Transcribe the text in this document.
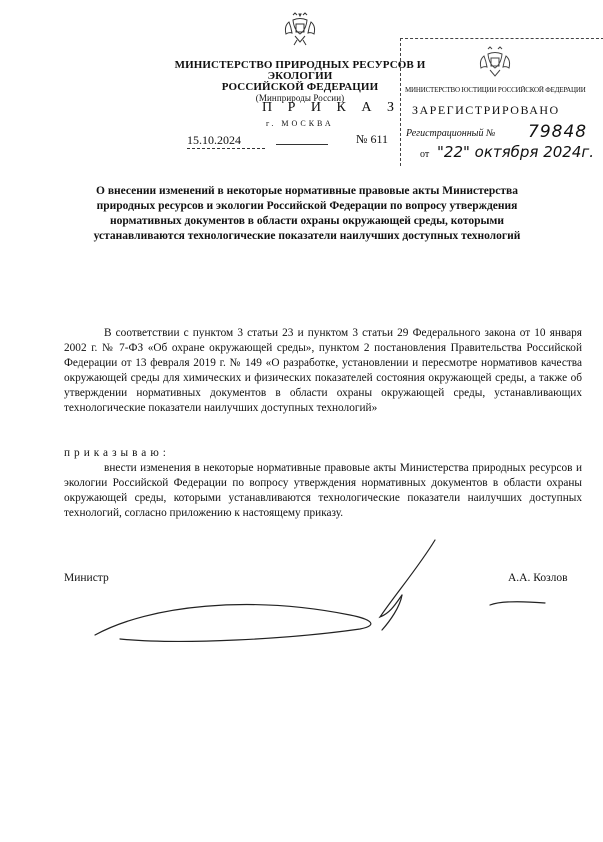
МИНИСТЕРСТВО ПРИРОДНЫХ РЕСУРСОВ И ЭКОЛОГИИ
РОССИЙСКОЙ ФЕДЕРАЦИИ
(Минприроды России)
П Р И К А З
г. МОСКВА
15.10.2024	№ 611
МИНИСТЕРСТВО ЮСТИЦИИ РОССИЙСКОЙ ФЕДЕРАЦИИ
ЗАРЕГИСТРИРОВАНО
Регистрационный № 79848
от "22" октября 2024г.
О внесении изменений в некоторые нормативные правовые акты Министерства природных ресурсов и экологии Российской Федерации по вопросу утверждения нормативных документов в области охраны окружающей среды, которыми устанавливаются технологические показатели наилучших доступных технологий
В соответствии с пунктом 3 статьи 23 и пунктом 3 статьи 29 Федерального закона от 10 января 2002 г. № 7-ФЗ «Об охране окружающей среды», пунктом 2 постановления Правительства Российской Федерации от 13 февраля 2019 г. № 149 «О разработке, установлении и пересмотре нормативов качества окружающей среды для химических и физических показателей состояния окружающей среды, а также об утверждении нормативных документов в области охраны окружающей среды, устанавливающих технологические показатели наилучших доступных технологий»
приказываю:
внести изменения в некоторые нормативные правовые акты Министерства природных ресурсов и экологии Российской Федерации по вопросу утверждения нормативных документов в области охраны окружающей среды, которыми устанавливаются технологические показатели наилучших доступных технологий, согласно приложению к настоящему приказу.
Министр	А.А. Козлов
